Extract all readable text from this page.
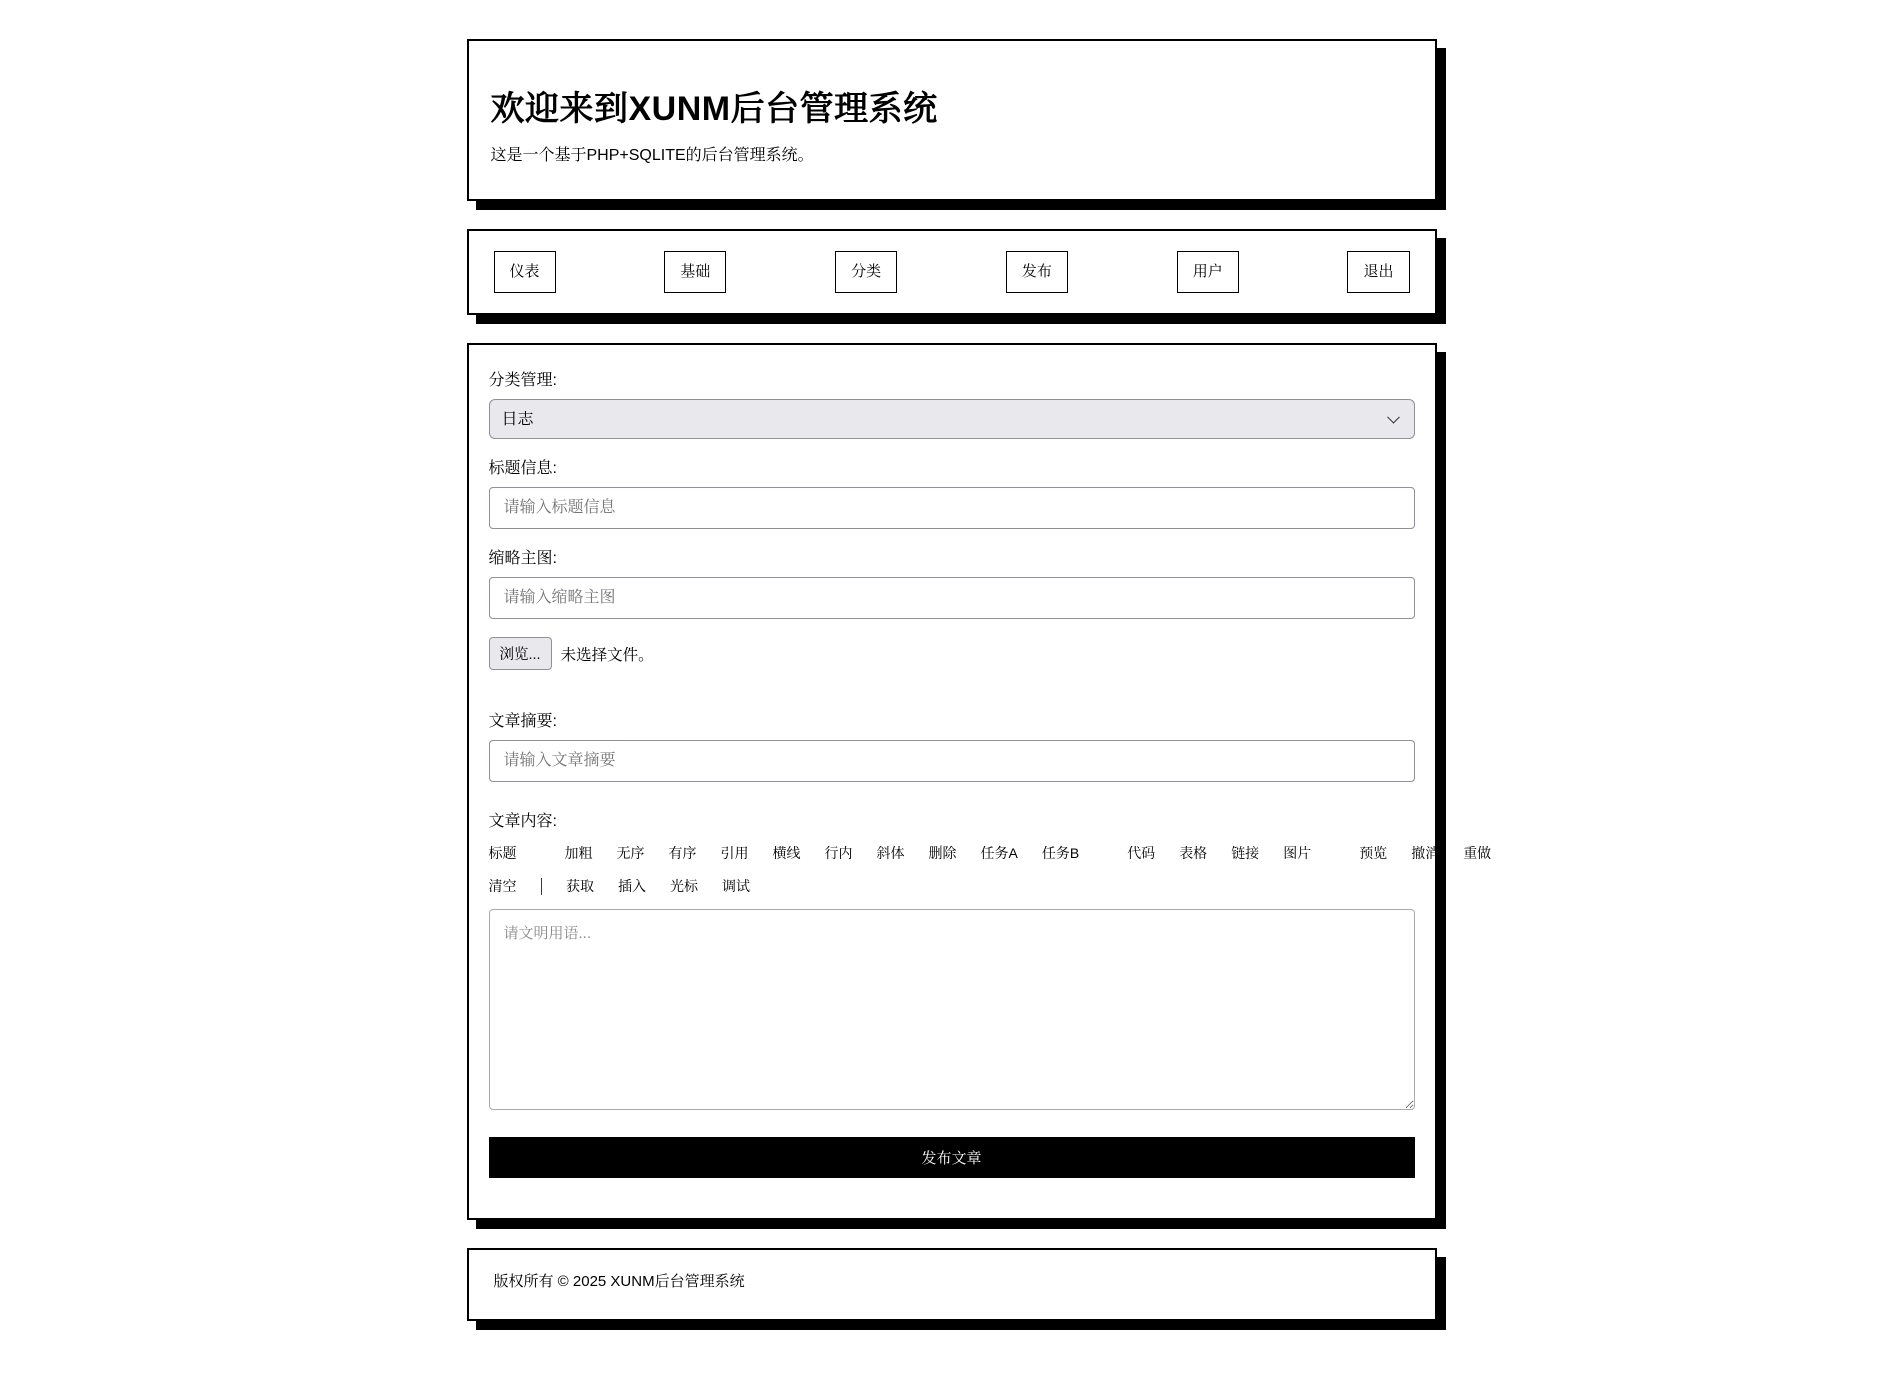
欢迎来到XUNM后台管理系统

这是一个基于PHP+SQLITE的后台管理系统。

仪表	基础	分类	发布	用户	退出
分类管理:
日志
标题信息:
请输入标题信息
缩略主图:
请输入缩略主图
浏览...	未选择文件。
文章摘要:
请输入文章摘要
文章内容:
标题	加粗 无序 有序 引用 横线 行内 斜体 删除 任务A 任务B	代码 表格 链接 图片	预览 撤消 重做
清空	获取 插入 光标 调试
请文明用语...
发布文章

版权所有 © 2025 XUNM后台管理系统
